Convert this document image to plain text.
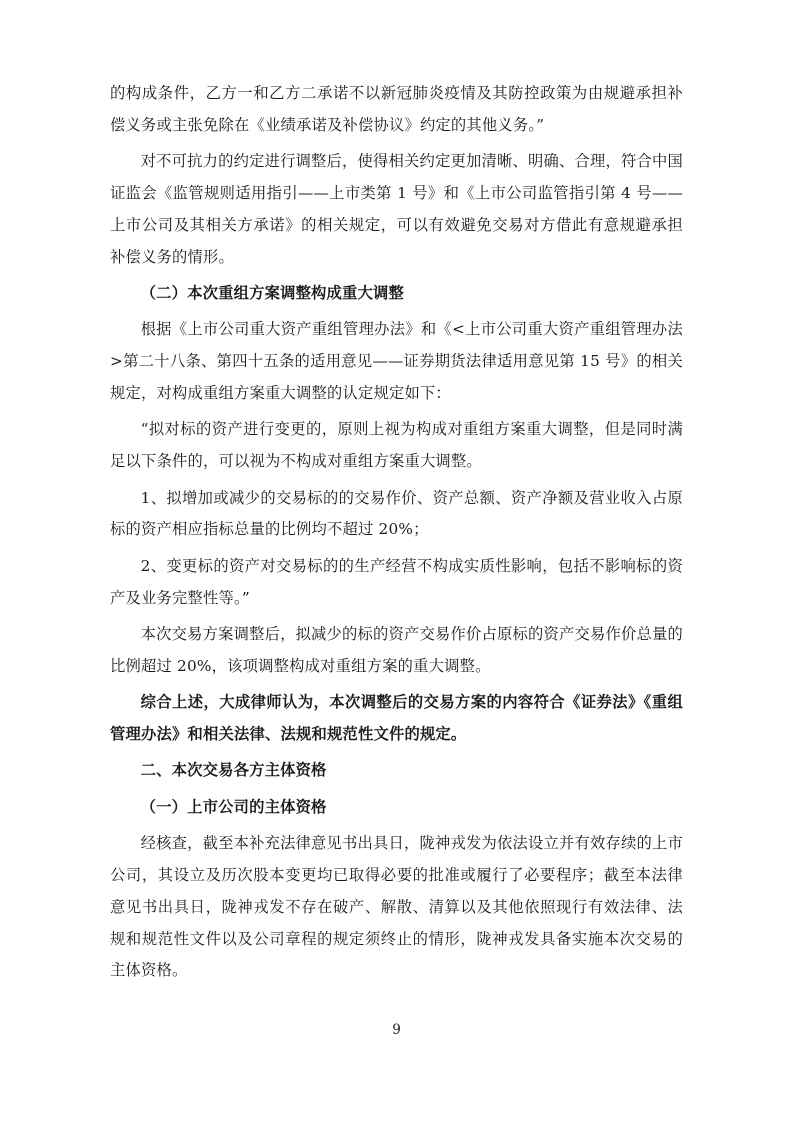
的构成条件，乙方一和乙方二承诺不以新冠肺炎疫情及其防控政策为由规避承担补偿义务或主张免除在《业绩承诺及补偿协议》约定的其他义务。”

对不可抗力的约定进行调整后，使得相关约定更加清晰、明确、合理，符合中国证监会《监管规则适用指引——上市类第 1 号》和《上市公司监管指引第 4 号——上市公司及其相关方承诺》的相关规定，可以有效避免交易对方借此有意规避承担补偿义务的情形。

（二）本次重组方案调整构成重大调整

根据《上市公司重大资产重组管理办法》和《<上市公司重大资产重组管理办法>第二十八条、第四十五条的适用意见——证券期货法律适用意见第 15 号》的相关规定，对构成重组方案重大调整的认定规定如下：

“拟对标的资产进行变更的，原则上视为构成对重组方案重大调整，但是同时满足以下条件的，可以视为不构成对重组方案重大调整。

1、拟增加或减少的交易标的的交易作价、资产总额、资产净额及营业收入占原标的资产相应指标总量的比例均不超过 20%；

2、变更标的资产对交易标的的生产经营不构成实质性影响，包括不影响标的资产及业务完整性等。”

本次交易方案调整后，拟减少的标的资产交易作价占原标的资产交易作价总量的比例超过 20%，该项调整构成对重组方案的重大调整。

综合上述，大成律师认为，本次调整后的交易方案的内容符合《证券法》《重组管理办法》和相关法律、法规和规范性文件的规定。

二、本次交易各方主体资格

（一）上市公司的主体资格

经核查，截至本补充法律意见书出具日，陇神戎发为依法设立并有效存续的上市公司，其设立及历次股本变更均已取得必要的批准或履行了必要程序；截至本法律意见书出具日，陇神戎发不存在破产、解散、清算以及其他依照现行有效法律、法规和规范性文件以及公司章程的规定须终止的情形，陇神戎发具备实施本次交易的主体资格。

9
